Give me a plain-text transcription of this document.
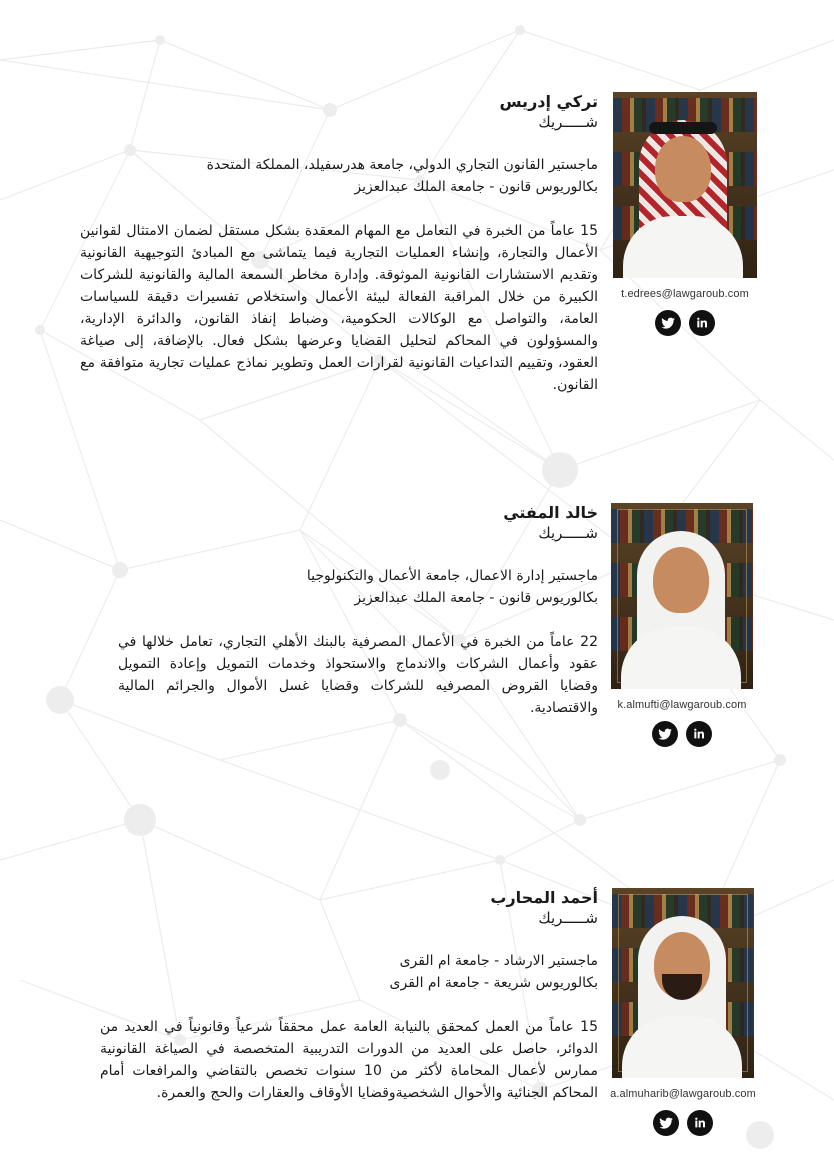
t.edrees@lawgaroub.com
تركي إدريس
شـــــريك
ماجستير القانون التجاري الدولي، جامعة هدرسفيلد، المملكة المتحدة
بكالوريوس قانون - جامعة الملك عبدالعزيز
15 عاماً من الخبرة في التعامل مع المهام المعقدة بشكل مستقل لضمان الامتثال لقوانين الأعمال والتجارة، وإنشاء العمليات التجارية فيما يتماشى مع المبادئ التوجيهية القانونية وتقديم الاستشارات القانونية الموثوقة. وإدارة مخاطر السمعة المالية والقانونية للشركات الكبيرة من خلال المراقبة الفعالة لبيئة الأعمال واستخلاص تفسيرات دقيقة للسياسات العامة، والتواصل مع الوكالات الحكومية، وضباط إنفاذ القانون، والدائرة الإدارية، والمسؤولون في المحاكم لتحليل القضايا وعرضها بشكل فعال. بالإضافة، إلى صياغة العقود، وتقييم التداعيات القانونية لقرارات العمل وتطوير نماذج عمليات تجارية متوافقة مع القانون.
k.almufti@lawgaroub.com
خالد المفتي
شـــــريك
ماجستير إدارة الاعمال، جامعة الأعمال والتكنولوجيا
بكالوريوس قانون - جامعة الملك عبدالعزيز
22 عاماً من الخبرة في الأعمال المصرفية بالبنك الأهلي التجاري، تعامل خلالها في عقود وأعمال الشركات والاندماج والاستحواذ وخدمات التمويل وإعادة التمويل وقضايا القروض المصرفيه للشركات وقضايا غسل الأموال والجرائم المالية والاقتصادية.
a.almuharib@lawgaroub.com
أحمد المحارب
شـــــريك
ماجستير الارشاد - جامعة ام القرى
بكالوريوس شريعة - جامعة ام القرى
15 عاماً من العمل كمحقق بالنيابة العامة عمل محققاً شرعياً وقانونياً في العديد من الدوائر، حاصل على العديد من الدورات التدريبية المتخصصة في الصياغة القانونية ممارس لأعمال المحاماة لأكثر من 10 سنوات تخصص بالتقاضي والمرافعات أمام المحاكم الجنائية والأحوال الشخصيةوقضايا الأوقاف والعقارات والحج والعمرة.
